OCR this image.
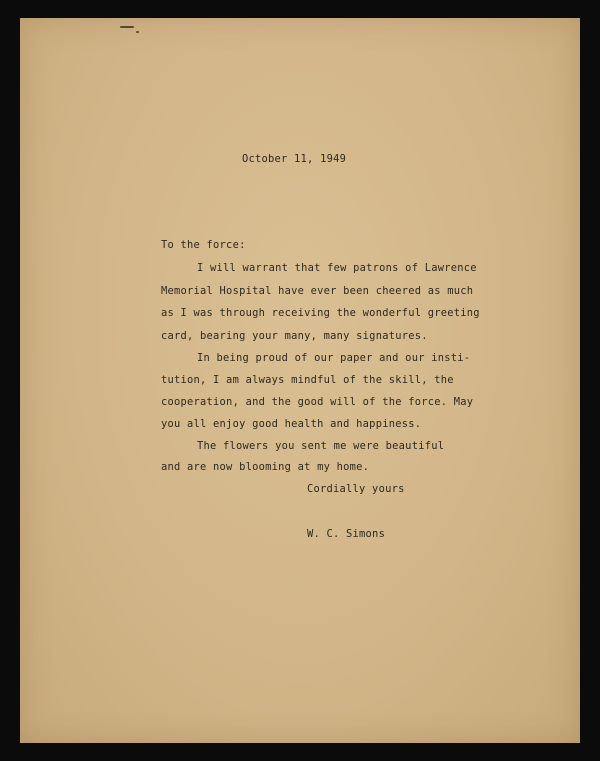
October 11, 1949

To the force:

I will warrant that few patrons of Lawrence

Memorial Hospital have ever been cheered as much

as I was through receiving the wonderful greeting

card, bearing your many, many signatures.

In being proud of our paper and our insti-

tution, I am always mindful of the skill, the

cooperation, and the good will of the force. May

you all enjoy good health and happiness.

The flowers you sent me were beautiful

and are now blooming at my home.

Cordially yours

W. C. Simons
